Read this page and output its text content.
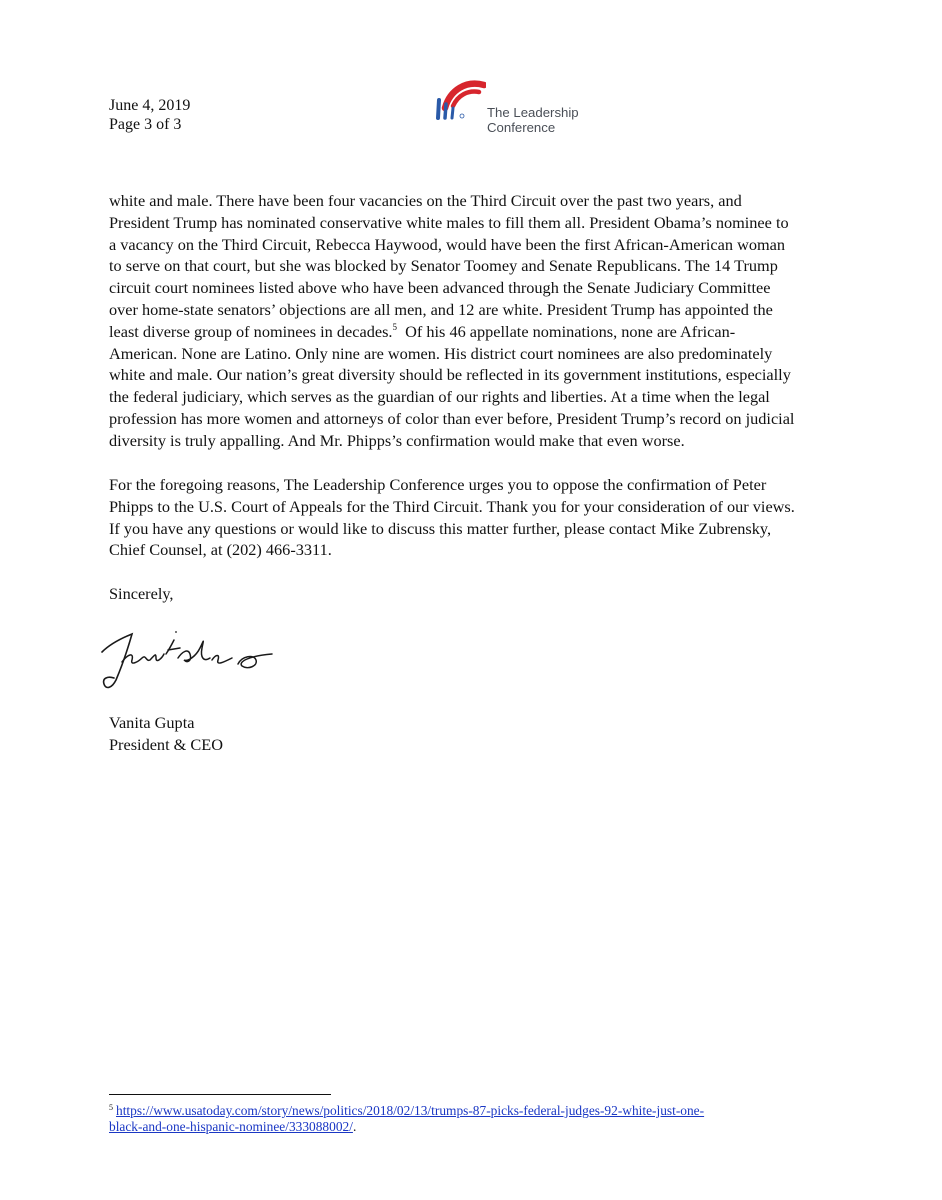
June 4, 2019
Page 3 of 3
The Leadership
Conference
white and male. There have been four vacancies on the Third Circuit over the past two years, and
President Trump has nominated conservative white males to fill them all. President Obama’s nominee to
a vacancy on the Third Circuit, Rebecca Haywood, would have been the first African-American woman
to serve on that court, but she was blocked by Senator Toomey and Senate Republicans. The 14 Trump
circuit court nominees listed above who have been advanced through the Senate Judiciary Committee
over home-state senators’ objections are all men, and 12 are white. President Trump has appointed the
least diverse group of nominees in decades.$^5$  Of his 46 appellate nominations, none are African-
American. None are Latino. Only nine are women. His district court nominees are also predominately
white and male. Our nation’s great diversity should be reflected in its government institutions, especially
the federal judiciary, which serves as the guardian of our rights and liberties. At a time when the legal
profession has more women and attorneys of color than ever before, President Trump’s record on judicial
diversity is truly appalling. And Mr. Phipps’s confirmation would make that even worse.
For the foregoing reasons, The Leadership Conference urges you to oppose the confirmation of Peter
Phipps to the U.S. Court of Appeals for the Third Circuit. Thank you for your consideration of our views.
If you have any questions or would like to discuss this matter further, please contact Mike Zubrensky,
Chief Counsel, at (202) 466-3311.
Sincerely,
Vanita Gupta
President & CEO
$^5$ https://www.usatoday.com/story/news/politics/2018/02/13/trumps-87-picks-federal-judges-92-white-just-one-
black-and-one-hispanic-nominee/333088002/.
